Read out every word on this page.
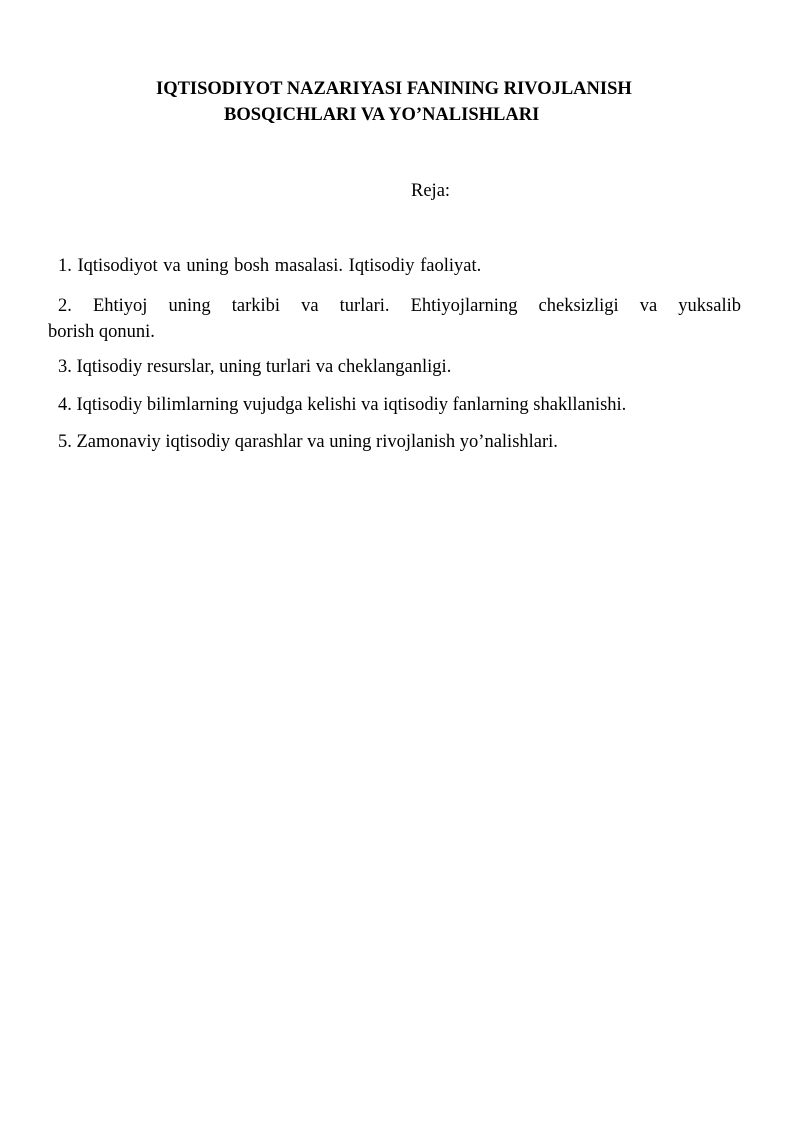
IQTISODIYOT NAZARIYASI FANINING RIVOJLANISH
BOSQICHLARI VA YO’NALISHLARI
Reja:
1. Iqtisodiyot va uning bosh masalasi. Iqtisodiy faoliyat.
2. Ehtiyoj uning tarkibi va turlari. Ehtiyojlarning cheksizligi va yuksalib
borish qonuni.
3. Iqtisodiy resurslar, uning turlari va cheklanganligi.
4. Iqtisodiy bilimlarning vujudga kelishi va iqtisodiy fanlarning shakllanishi.
5. Zamonaviy iqtisodiy qarashlar va uning rivojlanish yo’nalishlari.
